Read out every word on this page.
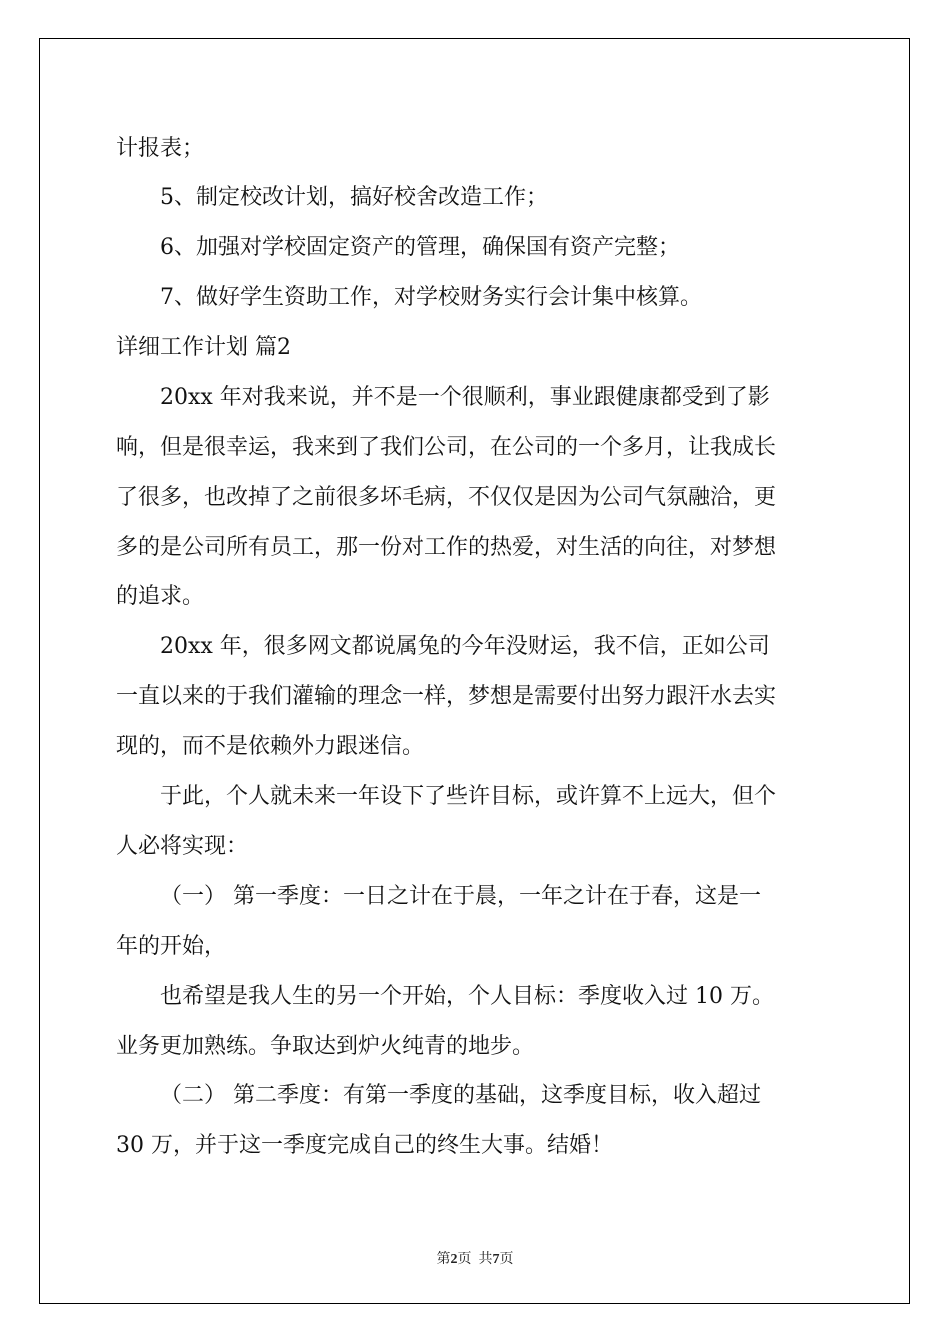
计报表；

5、制定校改计划，搞好校舍改造工作；

6、加强对学校固定资产的管理，确保国有资产完整；

7、做好学生资助工作，对学校财务实行会计集中核算。

详细工作计划 篇2

20xx 年对我来说，并不是一个很顺利，事业跟健康都受到了影

响，但是很幸运，我来到了我们公司，在公司的一个多月，让我成长

了很多，也改掉了之前很多坏毛病，不仅仅是因为公司气氛融洽，更

多的是公司所有员工，那一份对工作的热爱，对生活的向往，对梦想

的追求。

20xx 年，很多网文都说属兔的今年没财运，我不信，正如公司

一直以来的于我们灌输的理念一样，梦想是需要付出努力跟汗水去实

现的，而不是依赖外力跟迷信。

于此，个人就未来一年设下了些许目标，或许算不上远大，但个

人必将实现：

（一） 第一季度：一日之计在于晨，一年之计在于春，这是一

年的开始，

也希望是我人生的另一个开始，个人目标：季度收入过 10 万。

业务更加熟练。争取达到炉火纯青的地步。

（二） 第二季度：有第一季度的基础，这季度目标，收入超过

30 万，并于这一季度完成自己的终生大事。结婚！

第2页  共7页
